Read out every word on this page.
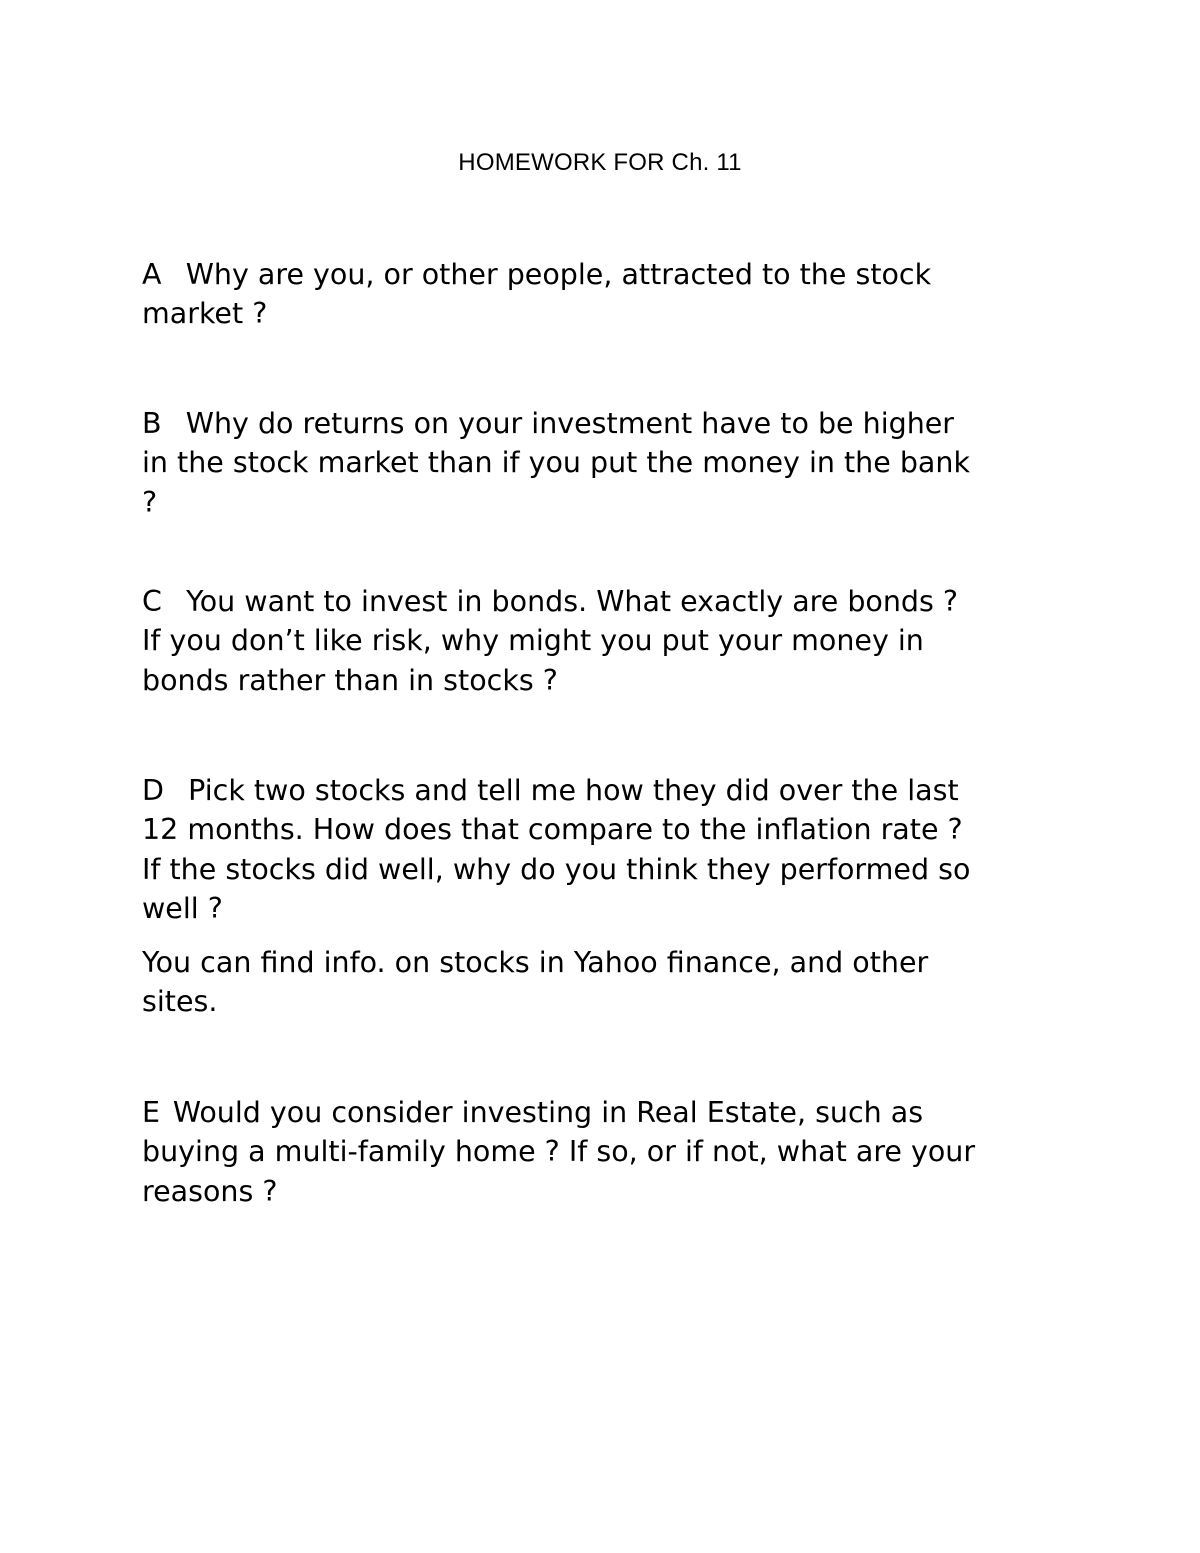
HOMEWORK FOR Ch. 11
A Why are you, or other people, attracted to the stock
market ?
B Why do returns on your investment have to be higher
in the stock market than if you put the money in the bank
?
C You want to invest in bonds. What exactly are bonds ?
If you don’t like risk, why might you put your money in
bonds rather than in stocks ?
D Pick two stocks and tell me how they did over the last
12 months. How does that compare to the inflation rate ?
If the stocks did well, why do you think they performed so
well ?
You can find info. on stocks in Yahoo finance, and other
sites.
E Would you consider investing in Real Estate, such as
buying a multi-family home ? If so, or if not, what are your
reasons ?
